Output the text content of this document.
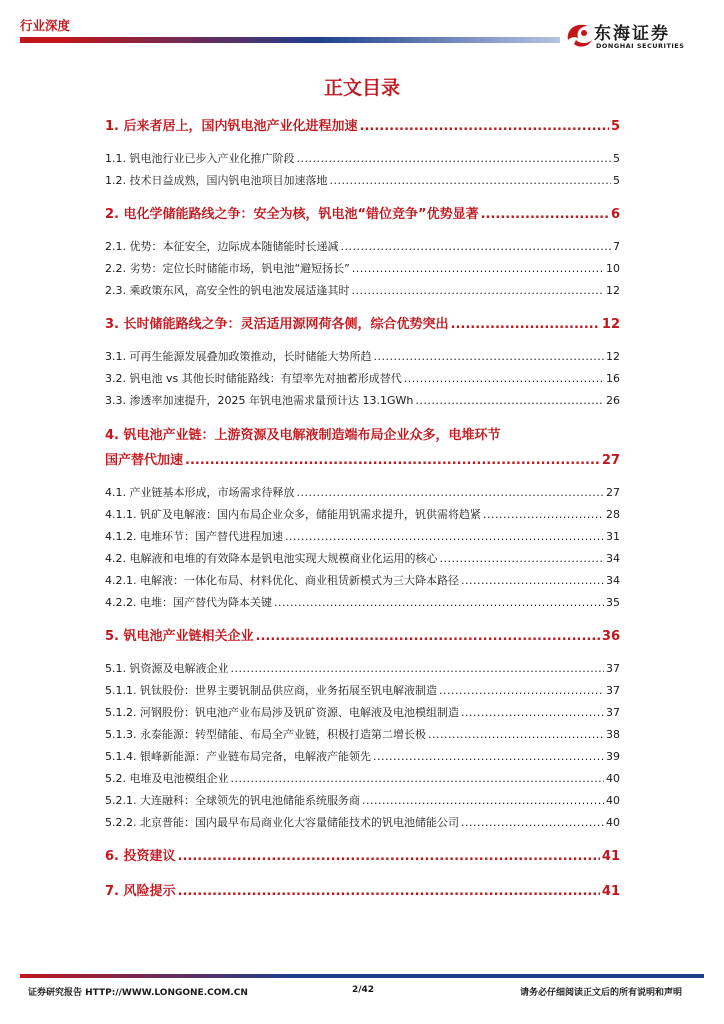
行业深度	东海证券
DONGHAI SECURITIES
正文目录
1. 后来者居上，国内钒电池产业化进程加速 .....	5
1.1. 钒电池行业已步入产业化推广阶段 .....	5
1.2. 技术日益成熟，国内钒电池项目加速落地 .....	5
2. 电化学储能路线之争：安全为核，钒电池“错位竞争”优势显著 .....	6
2.1. 优势：本征安全，边际成本随储能时长递减 .....	7
2.2. 劣势：定位长时储能市场，钒电池“避短扬长” .....	10
2.3. 乘政策东风，高安全性的钒电池发展适逢其时 .....	12
3. 长时储能路线之争：灵活适用源网荷各侧，综合优势突出 .....	12
3.1. 可再生能源发展叠加政策推动，长时储能大势所趋 .....	12
3.2. 钒电池 vs 其他长时储能路线：有望率先对抽蓄形成替代 .....	16
3.3. 渗透率加速提升，2025 年钒电池需求量预计达 13.1GWh .....	26
4. 钒电池产业链：上游资源及电解液制造端布局企业众多，电堆环节
国产替代加速 .....	27
4.1. 产业链基本形成，市场需求待释放 .....	27
4.1.1. 钒矿及电解液：国内布局企业众多，储能用钒需求提升，钒供需将趋紧 .....	28
4.1.2. 电堆环节：国产替代进程加速 .....	31
4.2. 电解液和电堆的有效降本是钒电池实现大规模商业化运用的核心 .....	34
4.2.1. 电解液：一体化布局、材料优化、商业租赁新模式为三大降本路径 .....	34
4.2.2. 电堆：国产替代为降本关键 .....	35
5. 钒电池产业链相关企业 .....	36
5.1. 钒资源及电解液企业 .....	37
5.1.1. 钒钛股份：世界主要钒制品供应商，业务拓展至钒电解液制造 .....	37
5.1.2. 河钢股份：钒电池产业布局涉及钒矿资源、电解液及电池模组制造 .....	37
5.1.3. 永泰能源：转型储能、布局全产业链，积极打造第二增长极 .....	38
5.1.4. 银峰新能源：产业链布局完备，电解液产能领先 .....	39
5.2. 电堆及电池模组企业 .....	40
5.2.1. 大连融科：全球领先的钒电池储能系统服务商 .....	40
5.2.2. 北京普能：国内最早布局商业化大容量储能技术的钒电池储能公司 .....	40
6. 投资建议 .....	41
7. 风险提示 .....	41
证券研究报告 HTTP://WWW.LONGONE.COM.CN	2/42	请务必仔细阅读正文后的所有说明和声明
